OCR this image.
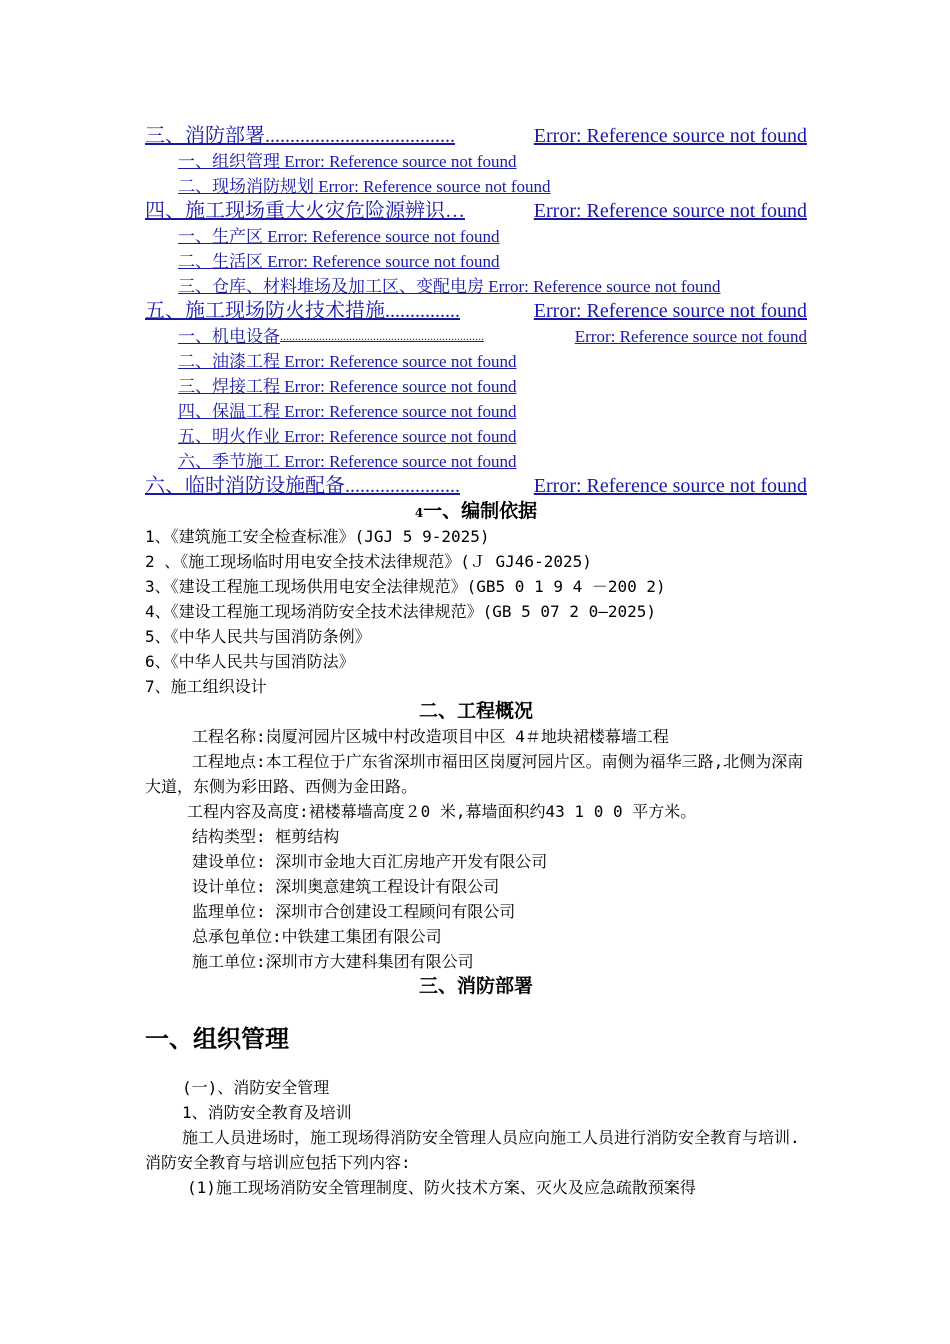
三、消防部署 ......................................	Error: Reference source not found
一、组织管理 Error: Reference source not found
二、现场消防规划 Error: Reference source not found
四、施工现场重大火灾危险源辨识 …	Error: Reference source not found
一、生产区 Error: Reference source not found
二、生活区 Error: Reference source not found
三、仓库、材料堆场及加工区、变配电房 Error: Reference source not found
五、施工现场防火技术措施 ...............	Error: Reference source not found
一、机电设备 ....................................................................	Error: Reference source not found
二、油漆工程 Error: Reference source not found
三、焊接工程 Error: Reference source not found
四、保温工程 Error: Reference source not found
五、明火作业 Error: Reference source not found
六、季节施工 Error: Reference source not found
六、临时消防设施配备 .......................	Error: Reference source not found
4一、编制依据
1、《建筑施工安全检查标准》(JGJ 5 9-2025)
2 、《施工现场临时用电安全技术法律规范》(Ｊ GJ46-2025)
3、《建设工程施工现场供用电安全法律规范》(GB5 0 1 9 4 －200 2)
4、《建设工程施工现场消防安全技术法律规范》(GB 5 07 2 0—2025)
5、《中华人民共与国消防条例》
6、《中华人民共与国消防法》
7、施工组织设计
二、工程概况
工程名称:岗厦河园片区城中村改造项目中区 4＃地块裙楼幕墙工程
工程地点:本工程位于广东省深圳市福田区岗厦河园片区。南侧为福华三路,北侧为深南大道，东侧为彩田路、西侧为金田路。
工程内容及高度:裙楼幕墙高度２0 米,幕墙面积约43 1 0 0 平方米。
结构类型: 框剪结构
建设单位: 深圳市金地大百汇房地产开发有限公司
设计单位: 深圳奥意建筑工程设计有限公司
监理单位: 深圳市合创建设工程顾问有限公司
总承包单位:中铁建工集团有限公司
施工单位:深圳市方大建科集团有限公司
三、消防部署
一、组织管理
(一)、消防安全管理
1、消防安全教育及培训
施工人员进场时，施工现场得消防安全管理人员应向施工人员进行消防安全教育与培训.消防安全教育与培训应包括下列内容:
(1)施工现场消防安全管理制度、防火技术方案、灭火及应急疏散预案得
